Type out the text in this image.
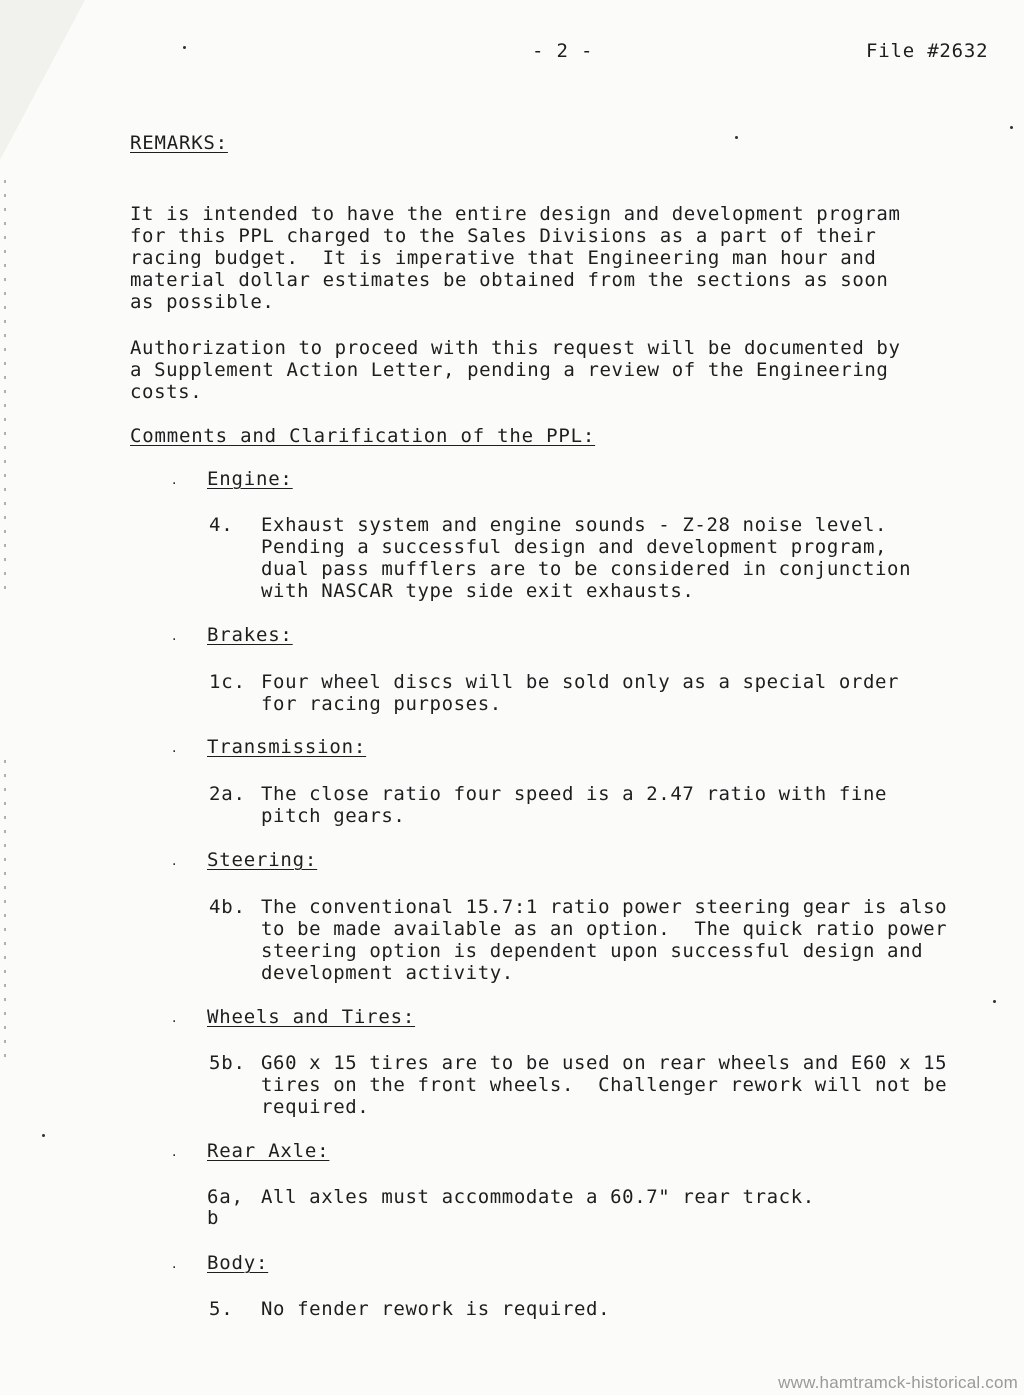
- 2 -	File #2632
REMARKS:
It is intended to have the entire design and development program
for this PPL charged to the Sales Divisions as a part of their
racing budget.  It is imperative that Engineering man hour and
material dollar estimates be obtained from the sections as soon
as possible.
Authorization to proceed with this request will be documented by
a Supplement Action Letter, pending a review of the Engineering
costs.
Comments and Clarification of the PPL:
. Engine:
4. Exhaust system and engine sounds - Z-28 noise level.
Pending a successful design and development program,
dual pass mufflers are to be considered in conjunction
with NASCAR type side exit exhausts.
. Brakes:
1c. Four wheel discs will be sold only as a special order
for racing purposes.
. Transmission:
2a. The close ratio four speed is a 2.47 ratio with fine
pitch gears.
. Steering:
4b. The conventional 15.7:1 ratio power steering gear is also
to be made available as an option.  The quick ratio power
steering option is dependent upon successful design and
development activity.
. Wheels and Tires:
5b. G60 x 15 tires are to be used on rear wheels and E60 x 15
tires on the front wheels.  Challenger rework will not be
required.
. Rear Axle:
6a,
b
All axles must accommodate a 60.7" rear track.
. Body:
5. No fender rework is required.
www.hamtramck-historical.com
